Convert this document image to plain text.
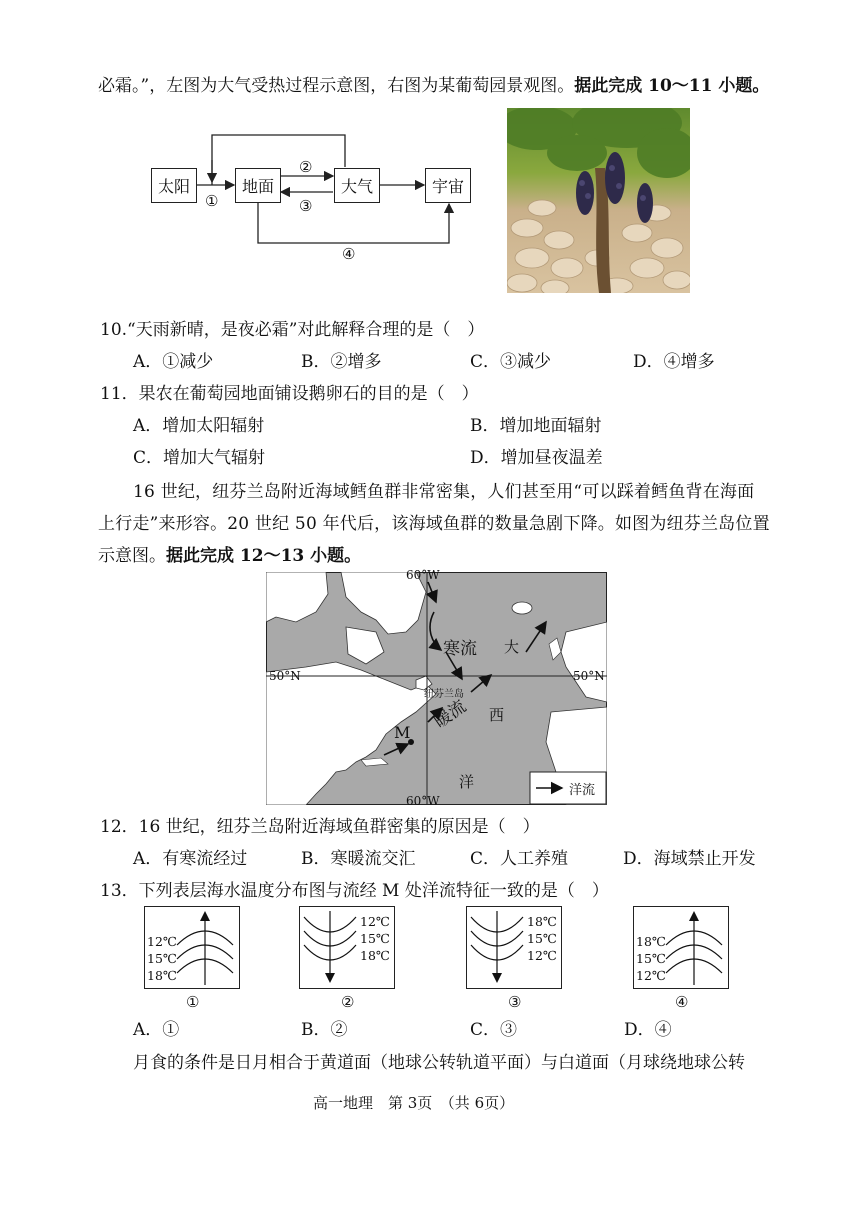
必霜。”，左图为大气受热过程示意图，右图为某葡萄园景观图。据此完成 10～11 小题。
太阳	地面	大气	宇宙
①
②
③
④
10.“天雨新晴，是夜必霜”对此解释合理的是（　）
A．①减少	B．②增多	C．③减少	D．④增多
11．果农在葡萄园地面铺设鹅卵石的目的是（　）
A．增加太阳辐射	B．增加地面辐射
C．增加大气辐射	D．增加昼夜温差
16 世纪，纽芬兰岛附近海域鳕鱼群非常密集，人们甚至用“可以踩着鳕鱼背在海面
上行走”来形容。20 世纪 50 年代后，该海域鱼群的数量急剧下降。如图为纽芬兰岛位置
示意图。据此完成 12～13 小题。
60°W
60°W
50°N	50°N
寒流
暖流
纽芬兰岛
大
西
洋
M
洋流
12．16 世纪，纽芬兰岛附近海域鱼群密集的原因是（　）
A．有寒流经过	B．寒暖流交汇	C．人工养殖	D．海域禁止开发
13．下列表层海水温度分布图与流经 M 处洋流特征一致的是（　）
12℃
15℃
18℃
①
12℃
15℃
18℃
②
18℃
15℃
12℃
③
18℃
15℃
12℃
④
A．①	B．②	C．③	D．④
月食的条件是日月相合于黄道面（地球公转轨道平面）与白道面（月球绕地球公转
高一地理　第 3页　（共 6页）
